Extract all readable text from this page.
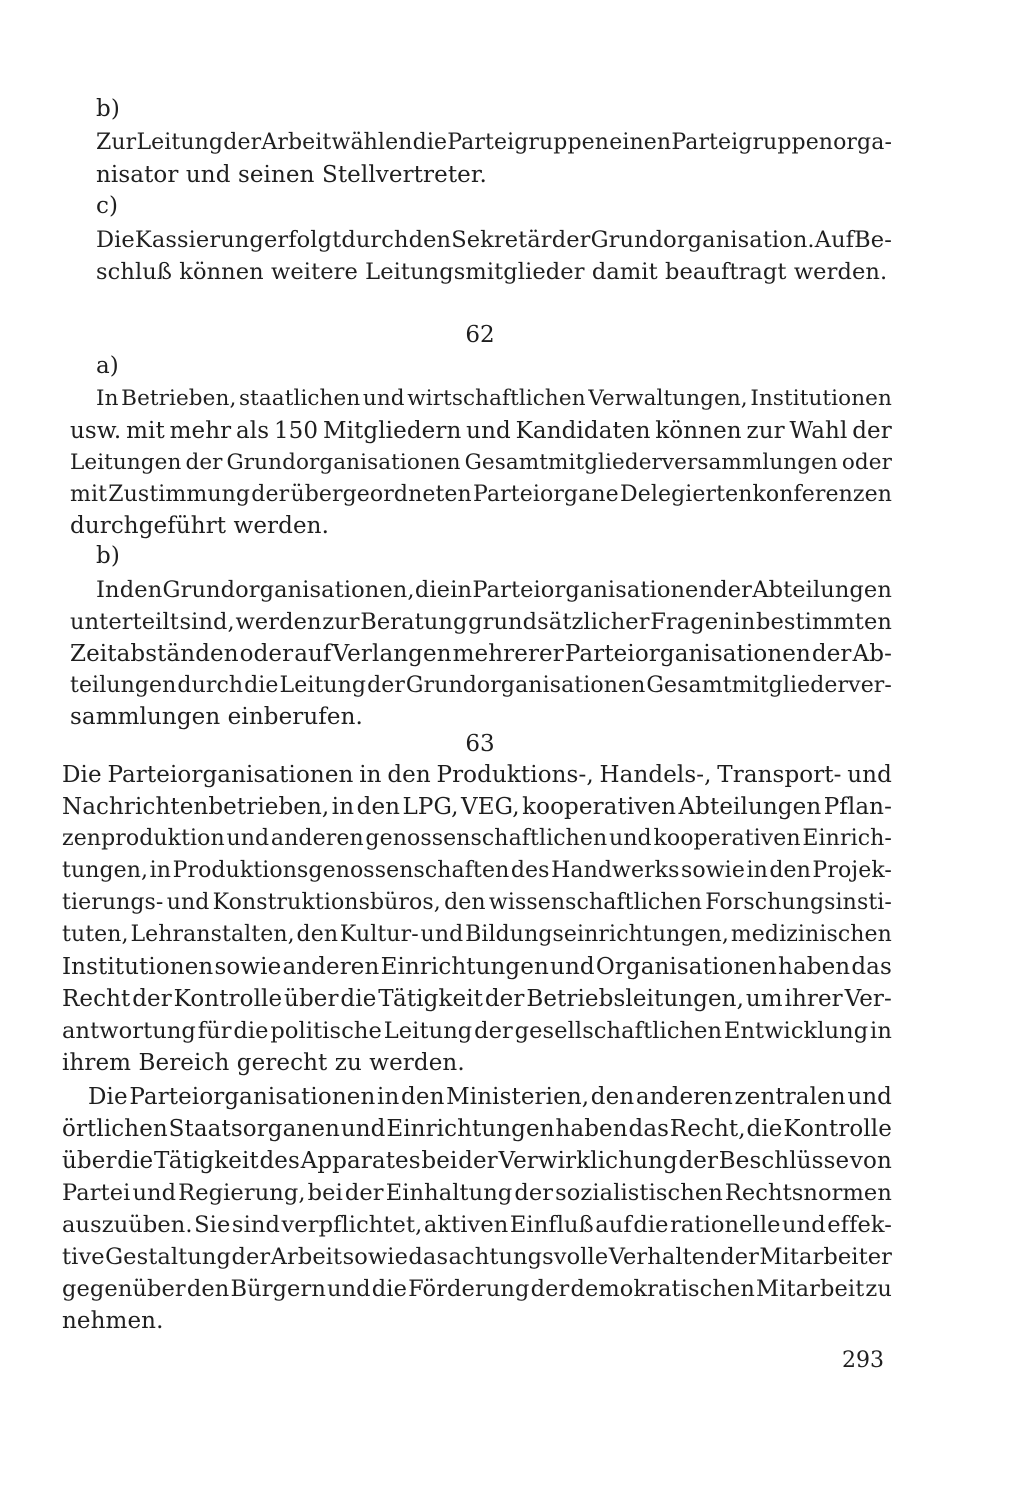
b)
Zur Leitung der Arbeit wählen die Parteigruppen einen Parteigruppenorga-
nisator und seinen Stellvertreter.
c)
Die Kassierung erfolgt durch den Sekretär der Grundorganisation. Auf Be-
schluß können weitere Leitungsmitglieder damit beauftragt werden.
62
a)
In Betrieben, staatlichen und wirtschaftlichen Verwaltungen, Institutionen
usw. mit mehr als 150 Mitgliedern und Kandidaten können zur Wahl der
Leitungen der Grundorganisationen Gesamtmitgliederversammlungen oder
mit Zustimmung der übergeordneten Parteiorgane Delegiertenkonferenzen
durchgeführt werden.
b)
In den Grundorganisationen, die in Parteiorganisationen der Abteilungen
unterteilt sind, werden zur Beratung grundsätzlicher Fragen in bestimmten
Zeitabständen oder auf Verlangen mehrerer Parteiorganisationen der Ab-
teilungen durch die Leitung der Grundorganisationen Gesamtmitgliederver-
sammlungen einberufen.
63
Die Parteiorganisationen in den Produktions-, Handels-, Transport- und
Nachrichtenbetrieben, in den LPG, VEG, kooperativen Abteilungen Pflan-
zenproduktion und anderen genossenschaftlichen und kooperativen Einrich-
tungen, in Produktionsgenossenschaften des Handwerks sowie in den Projek-
tierungs- und Konstruktionsbüros, den wissenschaftlichen Forschungsinsti-
tuten, Lehranstalten, den Kultur- und Bildungseinrichtungen, medizinischen
Institutionen sowie anderen Einrichtungen und Organisationen haben das
Recht der Kontrolle über die Tätigkeit der Betriebsleitungen, um ihrer Ver-
antwortung für die politische Leitung der gesellschaftlichen Entwicklung in
ihrem Bereich gerecht zu werden.
Die Parteiorganisationen in den Ministerien, den anderen zentralen und
örtlichen Staatsorganen und Einrichtungen haben das Recht, die Kontrolle
über die Tätigkeit des Apparates bei der Verwirklichung der Beschlüsse von
Partei und Regierung, bei der Einhaltung der sozialistischen Rechtsnormen
auszuüben. Sie sind verpflichtet, aktiven Einfluß auf die rationelle und effek-
tive Gestaltung der Arbeit sowie das achtungsvolle Verhalten der Mitarbeiter
gegenüber den Bürgern und die Förderung der demokratischen Mitarbeit zu
nehmen.
293
